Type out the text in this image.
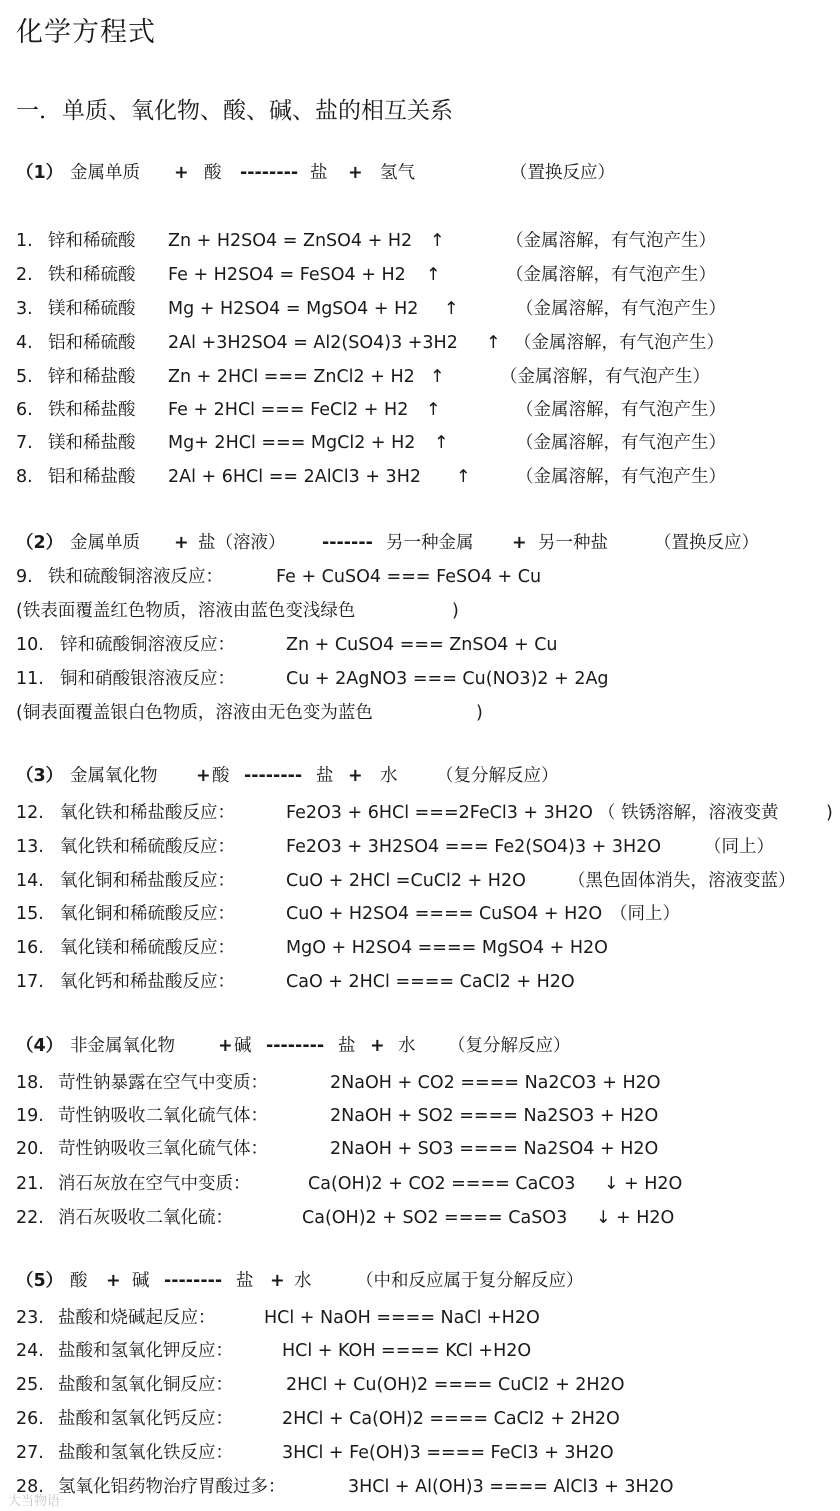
化学方程式
一．单质、氧化物、酸、碱、盐的相互关系
（1） 金属单质 + 酸 -------- 盐 + 氢气	（置换反应）
1. 锌和稀硫酸 Zn + H2SO4 = ZnSO4 + H2 ↑	（金属溶解，有气泡产生）
2. 铁和稀硫酸 Fe + H2SO4 = FeSO4 + H2 ↑	（金属溶解，有气泡产生）
3. 镁和稀硫酸 Mg + H2SO4 = MgSO4 + H2 ↑	（金属溶解，有气泡产生）
4. 铝和稀硫酸 2Al +3H2SO4 = Al2(SO4)3 +3H2 ↑ （金属溶解，有气泡产生）
5. 锌和稀盐酸 Zn + 2HCl === ZnCl2 + H2 ↑	（金属溶解，有气泡产生）
6. 铁和稀盐酸 Fe + 2HCl === FeCl2 + H2 ↑	（金属溶解，有气泡产生）
7. 镁和稀盐酸 Mg+ 2HCl === MgCl2 + H2 ↑	（金属溶解，有气泡产生）
8. 铝和稀盐酸 2Al + 6HCl == 2AlCl3 + 3H2 ↑	（金属溶解，有气泡产生）
（2） 金属单质 + 盐（溶液） ------- 另一种金属 + 另一种盐	（置换反应）
9. 铁和硫酸铜溶液反应：	Fe + CuSO4 === FeSO4 + Cu
(铁表面覆盖红色物质，溶液由蓝色变浅绿色	)
10. 锌和硫酸铜溶液反应：	Zn + CuSO4 === ZnSO4 + Cu
11. 铜和硝酸银溶液反应：	Cu + 2AgNO3 === Cu(NO3)2 + 2Ag
(铜表面覆盖银白色物质，溶液由无色变为蓝色	)
（3） 金属氧化物 + 酸 -------- 盐 + 水 （复分解反应）
12. 氧化铁和稀盐酸反应：	Fe2O3 + 6HCl ===2FeCl3 + 3H2O （ 铁锈溶解，溶液变黄	)
13. 氧化铁和稀硫酸反应：	Fe2O3 + 3H2SO4 === Fe2(SO4)3 + 3H2O （同上）
14. 氧化铜和稀盐酸反应：	CuO + 2HCl =CuCl2 + H2O （黑色固体消失，溶液变蓝）
15. 氧化铜和稀硫酸反应：	CuO + H2SO4 ==== CuSO4 + H2O （同上）
16. 氧化镁和稀硫酸反应：	MgO + H2SO4 ==== MgSO4 + H2O
17. 氧化钙和稀盐酸反应：	CaO + 2HCl ==== CaCl2 + H2O
（4） 非金属氧化物 + 碱 -------- 盐 + 水 （复分解反应）
18. 苛性钠暴露在空气中变质：	2NaOH + CO2 ==== Na2CO3 + H2O
19. 苛性钠吸收二氧化硫气体：	2NaOH + SO2 ==== Na2SO3 + H2O
20. 苛性钠吸收三氧化硫气体：	2NaOH + SO3 ==== Na2SO4 + H2O
21. 消石灰放在空气中变质：	Ca(OH)2 + CO2 ==== CaCO3 ↓ + H2O
22. 消石灰吸收二氧化硫：	Ca(OH)2 + SO2 ==== CaSO3 ↓ + H2O
（5） 酸 + 碱 -------- 盐 + 水	（中和反应属于复分解反应）
23. 盐酸和烧碱起反应：	HCl + NaOH ==== NaCl +H2O
24. 盐酸和氢氧化钾反应：	HCl + KOH ==== KCl +H2O
25. 盐酸和氢氧化铜反应：	2HCl + Cu(OH)2 ==== CuCl2 + 2H2O
26. 盐酸和氢氧化钙反应：	2HCl + Ca(OH)2 ==== CaCl2 + 2H2O
27. 盐酸和氢氧化铁反应：	3HCl + Fe(OH)3 ==== FeCl3 + 3H2O
28. 氢氧化铝药物治疗胃酸过多：	3HCl + Al(OH)3 ==== AlCl3 + 3H2O
大当物语
